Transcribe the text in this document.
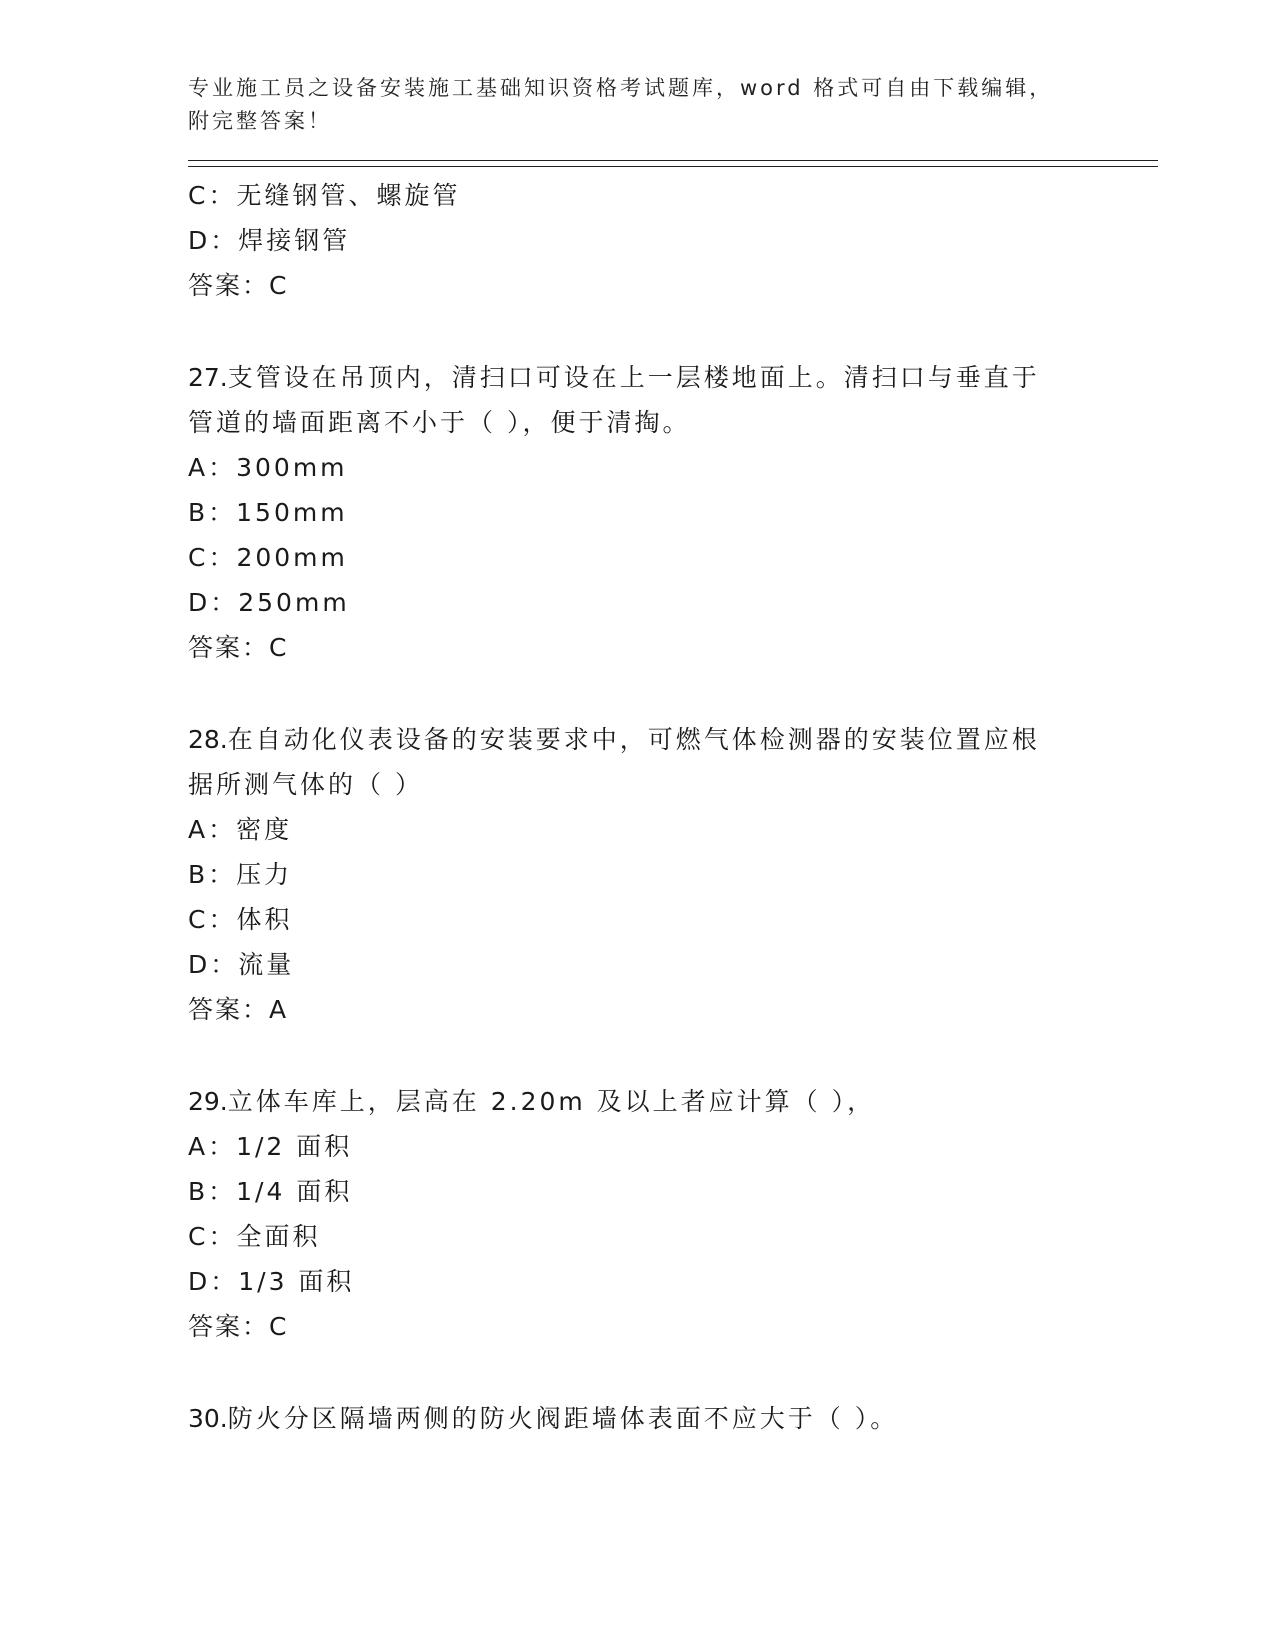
专业施工员之设备安装施工基础知识资格考试题库，word 格式可自由下载编辑，
附完整答案！
C：无缝钢管、螺旋管
D：焊接钢管
答案：C
27.支管设在吊顶内，清扫口可设在上一层楼地面上。清扫口与垂直于
管道的墙面距离不小于（ ），便于清掏。
A：300mm
B：150mm
C：200mm
D：250mm
答案：C
28.在自动化仪表设备的安装要求中，可燃气体检测器的安装位置应根
据所测气体的（ ）
A：密度
B：压力
C：体积
D：流量
答案：A
29.立体车库上，层高在 2.20m 及以上者应计算（ ），
A：1/2 面积
B：1/4 面积
C：全面积
D：1/3 面积
答案：C
30.防火分区隔墙两侧的防火阀距墙体表面不应大于（ ）。
